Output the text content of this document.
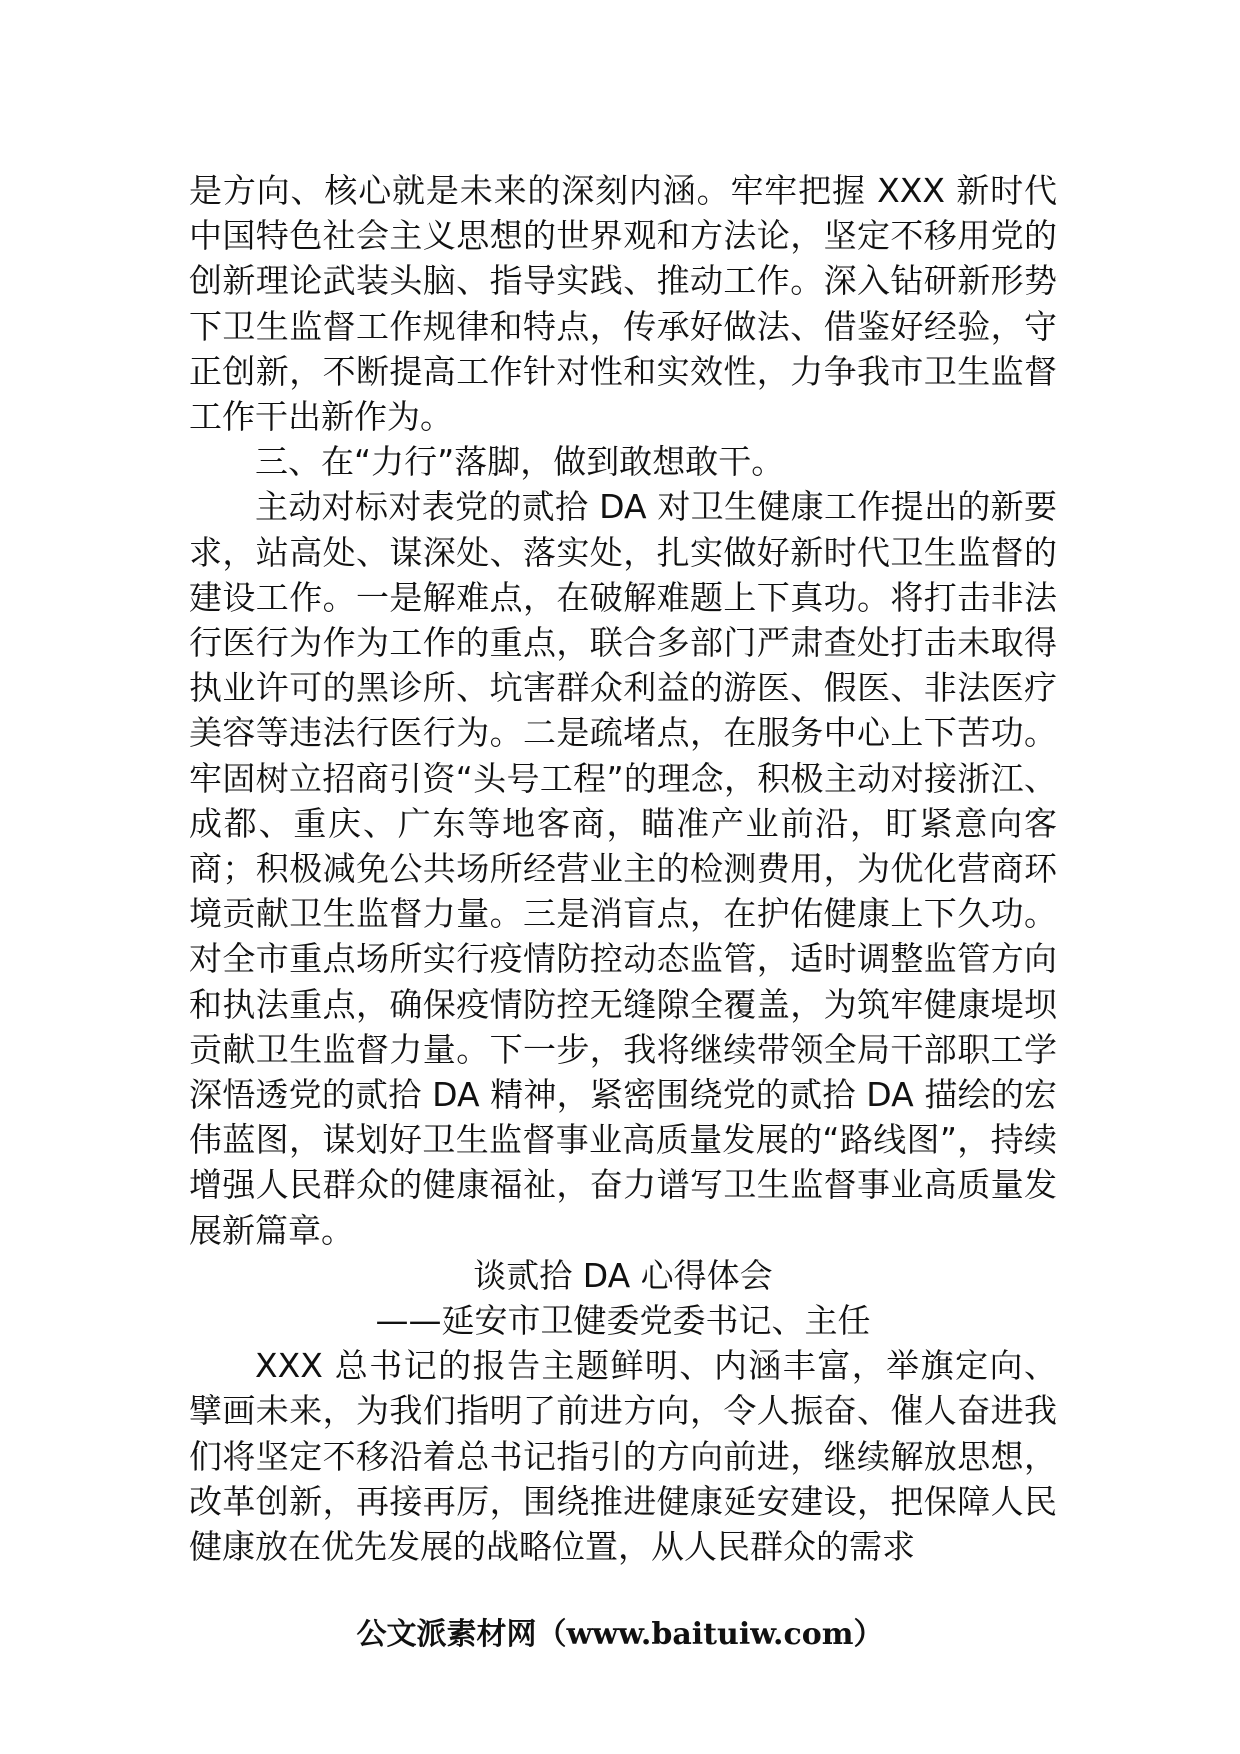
是方向、核心就是未来的深刻内涵。牢牢把握 XXX 新时代中国特色社会主义思想的世界观和方法论，坚定不移用党的创新理论武装头脑、指导实践、推动工作。深入钻研新形势下卫生监督工作规律和特点，传承好做法、借鉴好经验，守正创新，不断提高工作针对性和实效性，力争我市卫生监督工作干出新作为。

三、在“力行”落脚，做到敢想敢干。

主动对标对表党的贰拾 DA 对卫生健康工作提出的新要求，站高处、谋深处、落实处，扎实做好新时代卫生监督的建设工作。一是解难点，在破解难题上下真功。将打击非法行医行为作为工作的重点，联合多部门严肃查处打击未取得执业许可的黑诊所、坑害群众利益的游医、假医、非法医疗美容等违法行医行为。二是疏堵点，在服务中心上下苦功。牢固树立招商引资“头号工程”的理念，积极主动对接浙江、成都、重庆、广东等地客商，瞄准产业前沿，盯紧意向客商；积极减免公共场所经营业主的检测费用，为优化营商环境贡献卫生监督力量。三是消盲点，在护佑健康上下久功。对全市重点场所实行疫情防控动态监管，适时调整监管方向和执法重点，确保疫情防控无缝隙全覆盖，为筑牢健康堤坝贡献卫生监督力量。下一步，我将继续带领全局干部职工学深悟透党的贰拾 DA 精神，紧密围绕党的贰拾 DA 描绘的宏伟蓝图，谋划好卫生监督事业高质量发展的“路线图”，持续增强人民群众的健康福祉，奋力谱写卫生监督事业高质量发展新篇章。

谈贰拾 DA 心得体会

——延安市卫健委党委书记、主任

XXX 总书记的报告主题鲜明、内涵丰富，举旗定向、擘画未来，为我们指明了前进方向，令人振奋、催人奋进我们将坚定不移沿着总书记指引的方向前进，继续解放思想，改革创新，再接再厉，围绕推进健康延安建设，把保障人民健康放在优先发展的战略位置，从人民群众的需求

公文派素材网（www.baituiw.com）
